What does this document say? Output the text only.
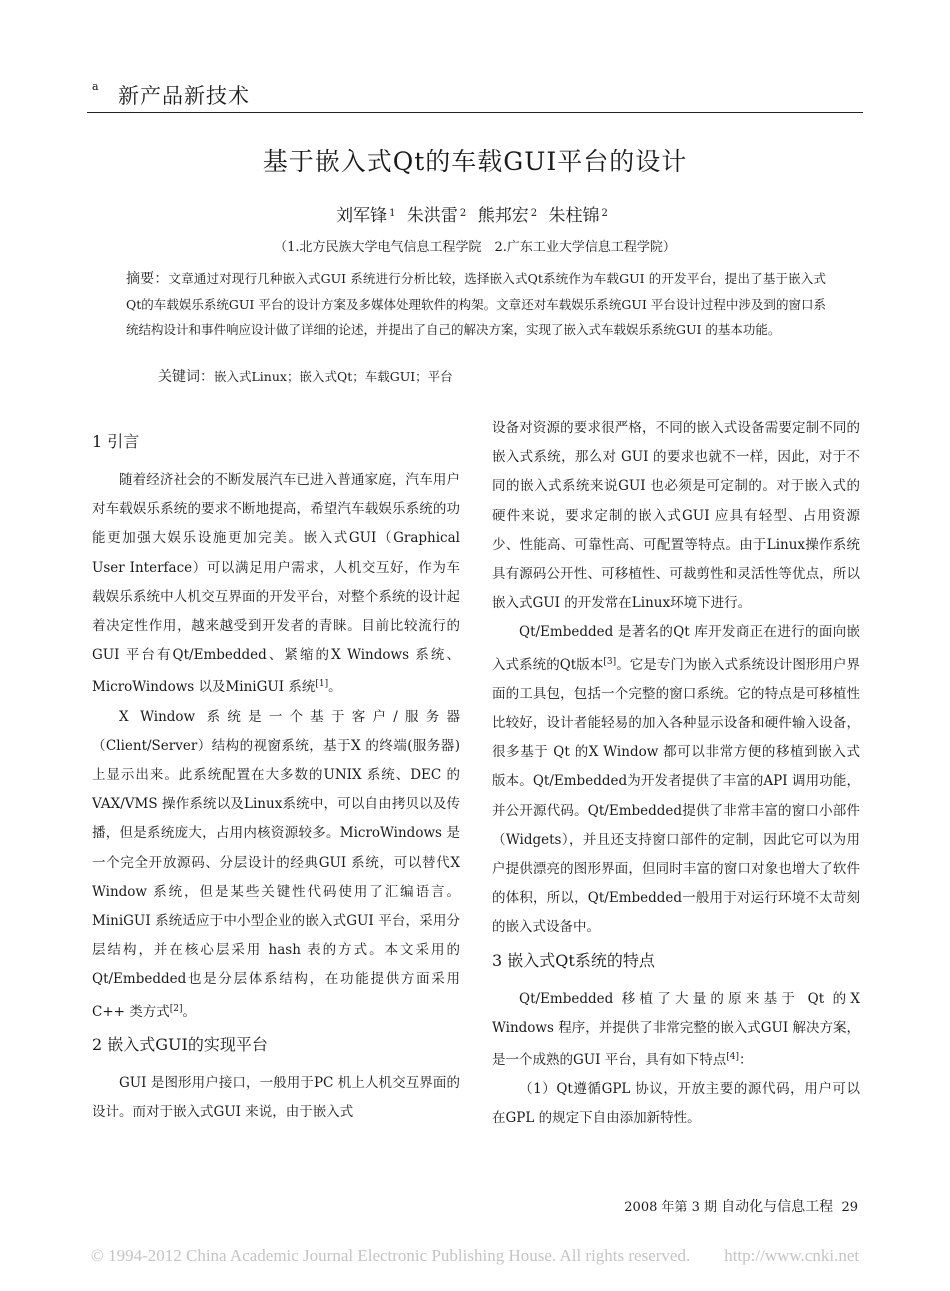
a 新产品新技术
基于嵌入式Qt的车载GUI平台的设计
刘军锋 $^1$ 朱洪雷 $^2$ 熊邦宏 $^2$ 朱柱锦 $^2$
（1.北方民族大学电气信息工程学院　2.广东工业大学信息工程学院）
摘要：文章通过对现行几种嵌入式GUI 系统进行分析比较，选择嵌入式Qt系统作为车载GUI 的开发平台，提出了基于嵌入式Qt的车载娱乐系统GUI 平台的设计方案及多媒体处理软件的构架。文章还对车载娱乐系统GUI 平台设计过程中涉及到的窗口系统结构设计和事件响应设计做了详细的论述，并提出了自己的解决方案，实现了嵌入式车载娱乐系统GUI 的基本功能。
关键词：嵌入式Linux；嵌入式Qt；车载GUI；平台
1 引言

随着经济社会的不断发展汽车已进入普通家庭，汽车用户对车载娱乐系统的要求不断地提高，希望汽车载娱乐系统的功能更加强大娱乐设施更加完美。嵌入式GUI（Graphical User Interface）可以满足用户需求，人机交互好，作为车载娱乐系统中人机交互界面的开发平台，对整个系统的设计起着决定性作用，越来越受到开发者的青睐。目前比较流行的GUI 平台有Qt/Embedded、紧缩的X Windows 系统、MicroWindows 以及MiniGUI 系统[1]。

X Window 系统是一个基于客户/服务器（Client/Server）结构的视窗系统，基于X 的终端(服务器)上显示出来。此系统配置在大多数的UNIX 系统、DEC 的VAX/VMS 操作系统以及Linux系统中，可以自由拷贝以及传播，但是系统庞大，占用内核资源较多。MicroWindows 是一个完全开放源码、分层设计的经典GUI 系统，可以替代X Window 系统，但是某些关键性代码使用了汇编语言。MiniGUI 系统适应于中小型企业的嵌入式GUI 平台，采用分层结构，并在核心层采用 hash 表的方式。本文采用的Qt/Embedded也是分层体系结构，在功能提供方面采用C++ 类方式[2]。

2 嵌入式GUI的实现平台

GUI 是图形用户接口，一般用于PC 机上人机交互界面的设计。而对于嵌入式GUI 来说，由于嵌入式

设备对资源的要求很严格，不同的嵌入式设备需要定制不同的嵌入式系统，那么对 GUI 的要求也就不一样，因此，对于不同的嵌入式系统来说GUI 也必须是可定制的。对于嵌入式的硬件来说，要求定制的嵌入式GUI 应具有轻型、占用资源少、性能高、可靠性高、可配置等特点。由于Linux操作系统具有源码公开性、可移植性、可裁剪性和灵活性等优点，所以嵌入式GUI 的开发常在Linux环境下进行。

Qt/Embedded 是著名的Qt 库开发商正在进行的面向嵌入式系统的Qt版本[3]。它是专门为嵌入式系统设计图形用户界面的工具包，包括一个完整的窗口系统。它的特点是可移植性比较好，设计者能轻易的加入各种显示设备和硬件输入设备，很多基于 Qt 的X Window 都可以非常方便的移植到嵌入式版本。Qt/Embedded为开发者提供了丰富的API 调用功能，并公开源代码。Qt/Embedded提供了非常丰富的窗口小部件（Widgets），并且还支持窗口部件的定制，因此它可以为用户提供漂亮的图形界面，但同时丰富的窗口对象也增大了软件的体积，所以，Qt/Embedded一般用于对运行环境不太苛刻的嵌入式设备中。

3 嵌入式Qt系统的特点

Qt/Embedded 移植了大量的原来基于 Qt 的X Windows 程序，并提供了非常完整的嵌入式GUI 解决方案，是一个成熟的GUI 平台，具有如下特点[4]：

（1）Qt遵循GPL 协议，开放主要的源代码，用户可以在GPL 的规定下自由添加新特性。

2008 年第 3 期 自动化与信息工程 29
© 1994-2012 China Academic Journal Electronic Publishing House. All rights reserved.　　http://www.cnki.net
